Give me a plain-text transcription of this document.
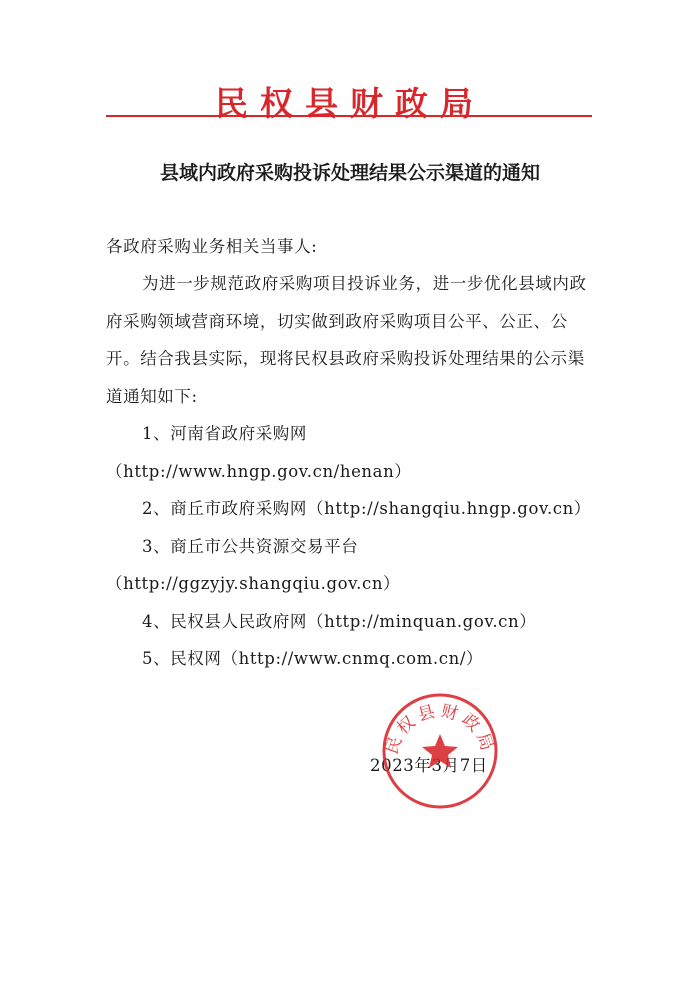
民权县财政局
县域内政府采购投诉处理结果公示渠道的通知

各政府采购业务相关当事人:

为进一步规范政府采购项目投诉业务，进一步优化县域内政府采购领域营商环境，切实做到政府采购项目公平、公正、公开。结合我县实际，现将民权县政府采购投诉处理结果的公示渠道通知如下:

1、河南省政府采购网（http://www.hngp.gov.cn/henan）
2、商丘市政府采购网（http://shangqiu.hngp.gov.cn）
3、商丘市公共资源交易平台（http://ggzyjy.shangqiu.gov.cn）
4、民权县人民政府网（http://minquan.gov.cn）
5、民权网（http://www.cnmq.com.cn/）
2023年3月7日
民权县财政局
